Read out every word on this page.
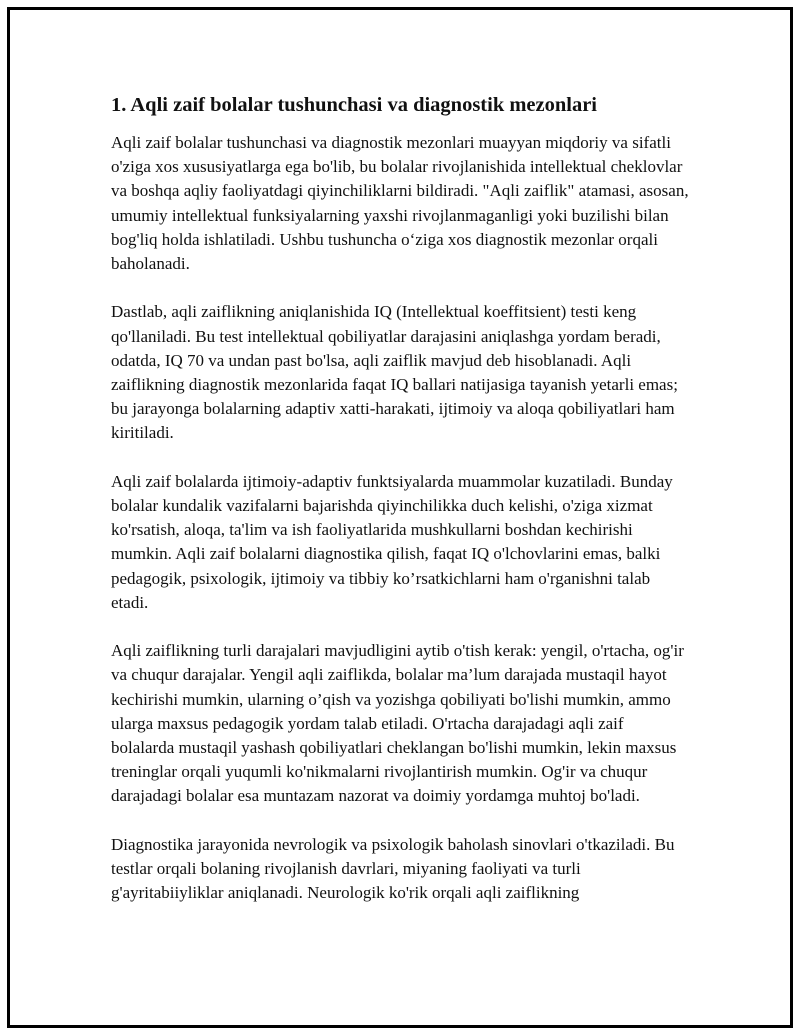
1. Aqli zaif bolalar tushunchasi va diagnostik mezonlari

Aqli zaif bolalar tushunchasi va diagnostik mezonlari muayyan miqdoriy va sifatli o'ziga xos xususiyatlarga ega bo'lib, bu bolalar rivojlanishida intellektual cheklovlar va boshqa aqliy faoliyatdagi qiyinchiliklarni bildiradi. "Aqli zaiflik" atamasi, asosan, umumiy intellektual funksiyalarning yaxshi rivojlanmaganligi yoki buzilishi bilan bog'liq holda ishlatiladi. Ushbu tushuncha o‘ziga xos diagnostik mezonlar orqali baholanadi.

Dastlab, aqli zaiflikning aniqlanishida IQ (Intellektual koeffitsient) testi keng qo'llaniladi. Bu test intellektual qobiliyatlar darajasini aniqlashga yordam beradi, odatda, IQ 70 va undan past bo'lsa, aqli zaiflik mavjud deb hisoblanadi. Aqli zaiflikning diagnostik mezonlarida faqat IQ ballari natijasiga tayanish yetarli emas; bu jarayonga bolalarning adaptiv xatti-harakati, ijtimoiy va aloqa qobiliyatlari ham kiritiladi.

Aqli zaif bolalarda ijtimoiy-adaptiv funktsiyalarda muammolar kuzatiladi. Bunday bolalar kundalik vazifalarni bajarishda qiyinchilikka duch kelishi, o'ziga xizmat ko'rsatish, aloqa, ta'lim va ish faoliyatlarida mushkullarni boshdan kechirishi mumkin. Aqli zaif bolalarni diagnostika qilish, faqat IQ o'lchovlarini emas, balki pedagogik, psixologik, ijtimoiy va tibbiy ko’rsatkichlarni ham o'rganishni talab etadi.

Aqli zaiflikning turli darajalari mavjudligini aytib o'tish kerak: yengil, o'rtacha, og'ir va chuqur darajalar. Yengil aqli zaiflikda, bolalar ma’lum darajada mustaqil hayot kechirishi mumkin, ularning o’qish va yozishga qobiliyati bo'lishi mumkin, ammo ularga maxsus pedagogik yordam talab etiladi. O'rtacha darajadagi aqli zaif bolalarda mustaqil yashash qobiliyatlari cheklangan bo'lishi mumkin, lekin maxsus treninglar orqali yuqumli ko'nikmalarni rivojlantirish mumkin. Og'ir va chuqur darajadagi bolalar esa muntazam nazorat va doimiy yordamga muhtoj bo'ladi.

Diagnostika jarayonida nevrologik va psixologik baholash sinovlari o'tkaziladi. Bu testlar orqali bolaning rivojlanish davrlari, miyaning faoliyati va turli g'ayritabiiyliklar aniqlanadi. Neurologik ko'rik orqali aqli zaiflikning
